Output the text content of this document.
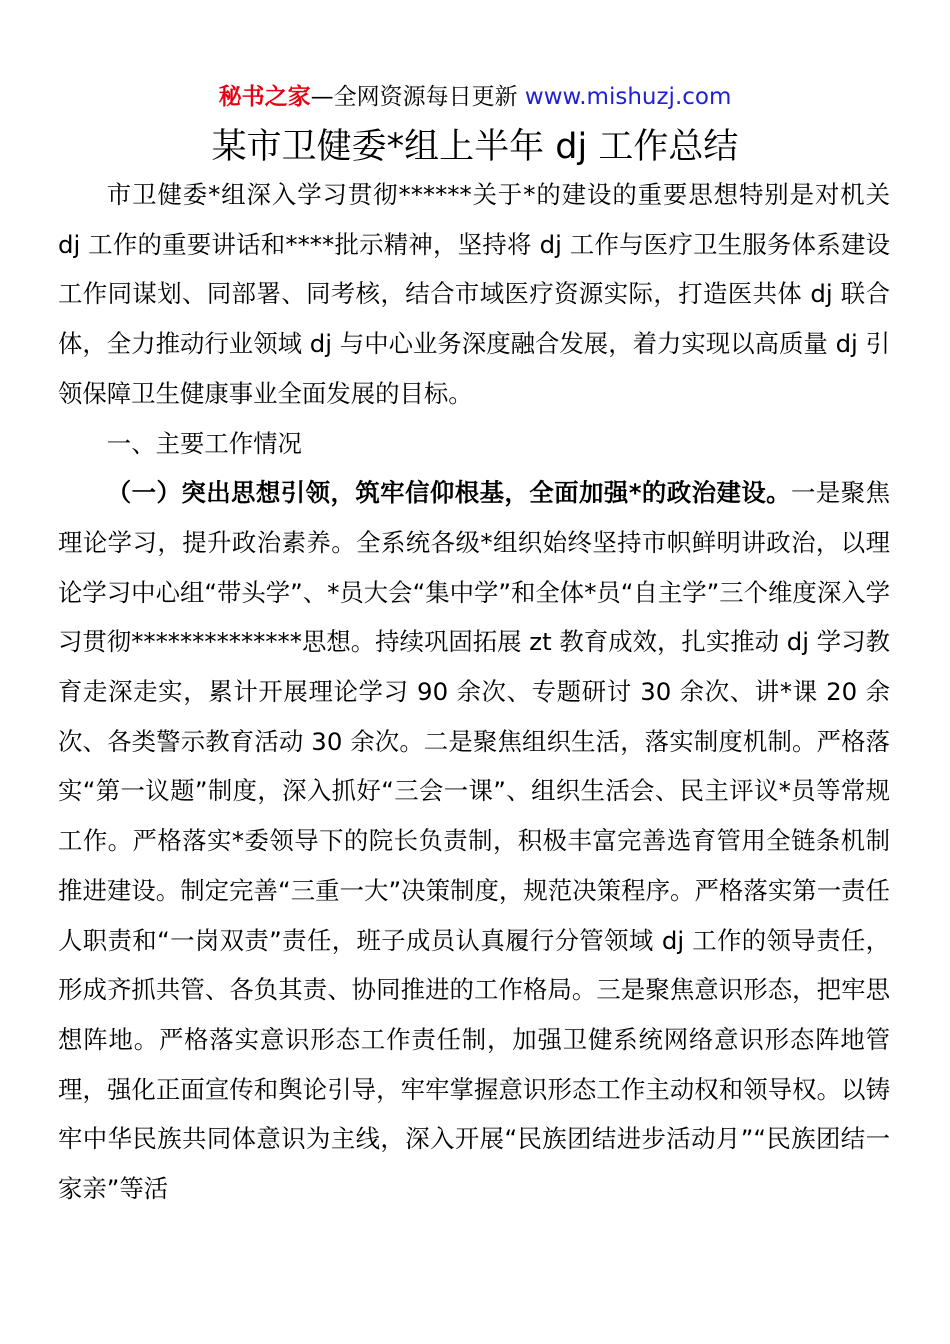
秘书之家—全网资源每日更新 www.mishuzj.com
某市卫健委*组上半年 dj 工作总结

市卫健委*组深入学习贯彻******关于*的建设的重要思想特别是对机关 dj 工作的重要讲话和****批示精神，坚持将 dj 工作与医疗卫生服务体系建设工作同谋划、同部署、同考核，结合市域医疗资源实际，打造医共体 dj 联合体，全力推动行业领域 dj 与中心业务深度融合发展，着力实现以高质量 dj 引领保障卫生健康事业全面发展的目标。

一、主要工作情况

（一）突出思想引领，筑牢信仰根基，全面加强*的政治建设。一是聚焦理论学习，提升政治素养。全系统各级*组织始终坚持市帜鲜明讲政治，以理论学习中心组“带头学”、*员大会“集中学”和全体*员“自主学”三个维度深入学习贯彻**************思想。持续巩固拓展 zt 教育成效，扎实推动 dj 学习教育走深走实，累计开展理论学习 90 余次、专题研讨 30 余次、讲*课 20 余次、各类警示教育活动 30 余次。二是聚焦组织生活，落实制度机制。严格落实“第一议题”制度，深入抓好“三会一课”、组织生活会、民主评议*员等常规工作。严格落实*委领导下的院长负责制，积极丰富完善选育管用全链条机制推进建设。制定完善“三重一大”决策制度，规范决策程序。严格落实第一责任人职责和“一岗双责”责任，班子成员认真履行分管领域 dj 工作的领导责任，形成齐抓共管、各负其责、协同推进的工作格局。三是聚焦意识形态，把牢思想阵地。严格落实意识形态工作责任制，加强卫健系统网络意识形态阵地管理，强化正面宣传和舆论引导，牢牢掌握意识形态工作主动权和领导权。以铸牢中华民族共同体意识为主线，深入开展“民族团结进步活动月”“民族团结一家亲”等活
